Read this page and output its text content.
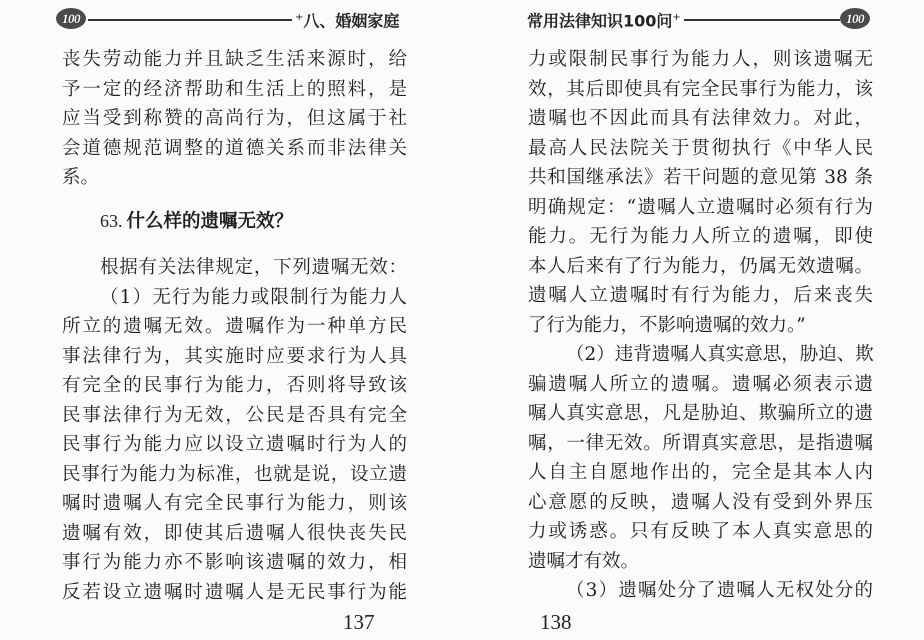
100	+八、婚姻家庭
丧失劳动能力并且缺乏生活来源时，给
予一定的经济帮助和生活上的照料，是
应当受到称赞的高尚行为，但这属于社
会道德规范调整的道德关系而非法律关
系。
63. 什么样的遗嘱无效？
根据有关法律规定，下列遗嘱无效：
（1）无行为能力或限制行为能力人
所立的遗嘱无效。遗嘱作为一种单方民
事法律行为，其实施时应要求行为人具
有完全的民事行为能力，否则将导致该
民事法律行为无效，公民是否具有完全
民事行为能力应以设立遗嘱时行为人的
民事行为能力为标准，也就是说，设立遗
嘱时遗嘱人有完全民事行为能力，则该
遗嘱有效，即使其后遗嘱人很快丧失民
事行为能力亦不影响该遗嘱的效力，相
反若设立遗嘱时遗嘱人是无民事行为能
137
常用法律知识100问+	100
力或限制民事行为能力人，则该遗嘱无
效，其后即使具有完全民事行为能力，该
遗嘱也不因此而具有法律效力。对此，
最高人民法院关于贯彻执行《中华人民
共和国继承法》若干问题的意见第 38 条
明确规定：“遗嘱人立遗嘱时必须有行为
能力。无行为能力人所立的遗嘱，即使
本人后来有了行为能力，仍属无效遗嘱。
遗嘱人立遗嘱时有行为能力，后来丧失
了行为能力，不影响遗嘱的效力。”
（2）违背遗嘱人真实意思，胁迫、欺
骗遗嘱人所立的遗嘱。遗嘱必须表示遗
嘱人真实意思，凡是胁迫、欺骗所立的遗
嘱，一律无效。所谓真实意思，是指遗嘱
人自主自愿地作出的，完全是其本人内
心意愿的反映，遗嘱人没有受到外界压
力或诱惑。只有反映了本人真实意思的
遗嘱才有效。
（3）遗嘱处分了遗嘱人无权处分的
138
